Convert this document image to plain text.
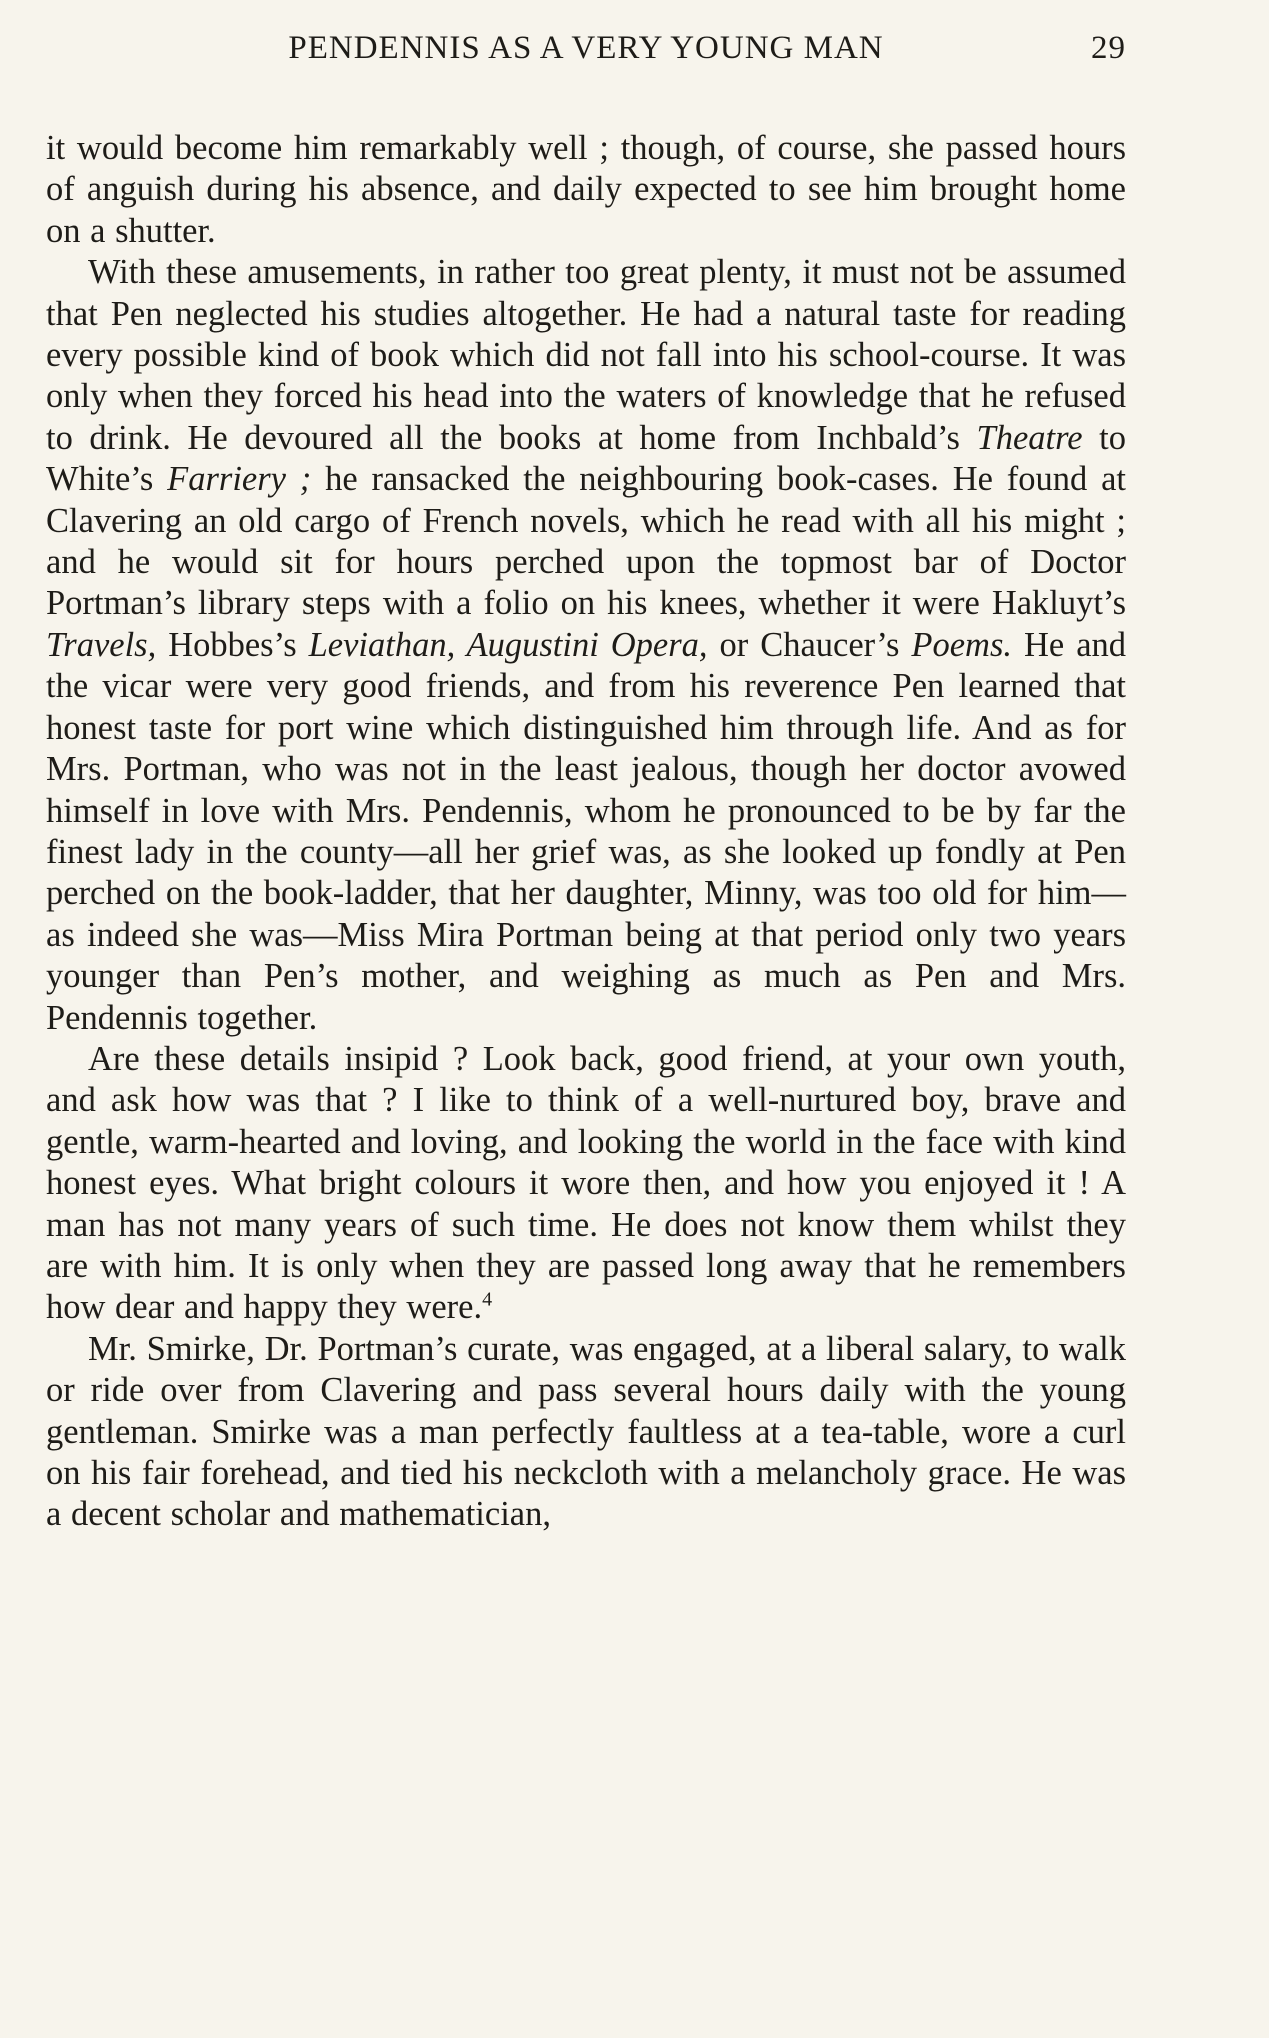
PENDENNIS AS A VERY YOUNG MAN	29

it would become him remarkably well ; though, of course, she passed hours of anguish during his absence, and daily expected to see him brought home on a shutter.

With these amusements, in rather too great plenty, it must not be assumed that Pen neglected his studies altogether. He had a natural taste for reading every possible kind of book which did not fall into his school-course. It was only when they forced his head into the waters of knowledge that he refused to drink. He devoured all the books at home from Inchbald’s Theatre to White’s Farriery ; he ransacked the neighbouring book-cases. He found at Clavering an old cargo of French novels, which he read with all his might ; and he would sit for hours perched upon the topmost bar of Doctor Portman’s library steps with a folio on his knees, whether it were Hakluyt’s Travels, Hobbes’s Leviathan, Augustini Opera, or Chaucer’s Poems. He and the vicar were very good friends, and from his reverence Pen learned that honest taste for port wine which distinguished him through life. And as for Mrs. Portman, who was not in the least jealous, though her doctor avowed himself in love with Mrs. Pendennis, whom he pronounced to be by far the finest lady in the county—all her grief was, as she looked up fondly at Pen perched on the book-ladder, that her daughter, Minny, was too old for him—as indeed she was—Miss Mira Portman being at that period only two years younger than Pen’s mother, and weighing as much as Pen and Mrs. Pendennis together.

Are these details insipid ? Look back, good friend, at your own youth, and ask how was that ? I like to think of a well-nurtured boy, brave and gentle, warm-hearted and loving, and looking the world in the face with kind honest eyes. What bright colours it wore then, and how you enjoyed it ! A man has not many years of such time. He does not know them whilst they are with him. It is only when they are passed long away that he remembers how dear and happy they were.$^4$

Mr. Smirke, Dr. Portman’s curate, was engaged, at a liberal salary, to walk or ride over from Clavering and pass several hours daily with the young gentleman. Smirke was a man perfectly faultless at a tea-table, wore a curl on his fair forehead, and tied his neckcloth with a melancholy grace. He was a decent scholar and mathematician,
